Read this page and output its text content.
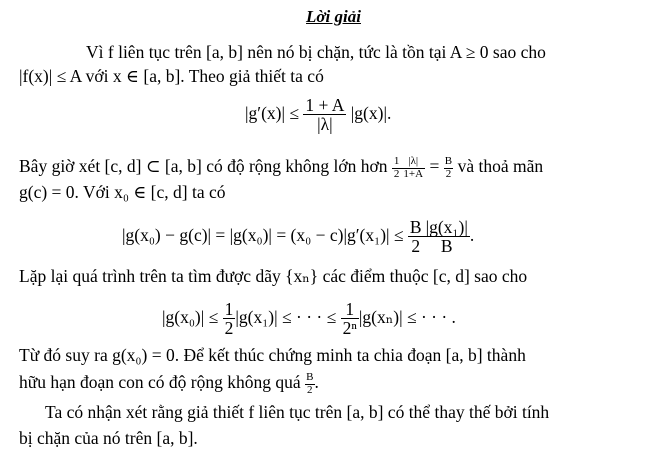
Lời giải
Vì f liên tục trên [a, b] nên nó bị chặn, tức là tồn tại A ≥ 0 sao cho
|f(x)| ≤ A với x ∈ [a, b]. Theo giả thiết ta có
$|g'(x)| \le \frac{1 + A}{|\lambda|} |g(x)|$.
Bây giờ xét [c, d] ⊂ [a, b] có độ rộng không lớn hơn $\frac{1}{2} \frac{|\lambda|}{1+A} = \frac{B}{2}$ và thoả mãn
g(c) = 0. Với x₀ ∈ [c, d] ta có
$|g(x_0) - g(c)| = |g(x_0)| = (x_0 - c)|g'(x_1)| \le \frac{B}{2} \frac{\text{|g(x₁)|}}{B}$ .
Lặp lại quá trình trên ta tìm được dãy {xₙ} các điểm thuộc [c, d] sao cho
$|g(x_0)| \le \frac{1}{2} |g(x_1)|$ ≤ · · · ≤ $\frac{1}{\text{2ⁿ}} |g(x_n)|$ ≤ · · · .
Từ đó suy ra g(x₀) = 0. Để kết thúc chứng minh ta chia đoạn [a, b] thành
hữu hạn đoạn con có độ rộng không quá $\frac{B}{2}$ .
Ta có nhận xét rằng giả thiết f liên tục trên [a, b] có thể thay thế bởi tính
bị chặn của nó trên [a, b].
